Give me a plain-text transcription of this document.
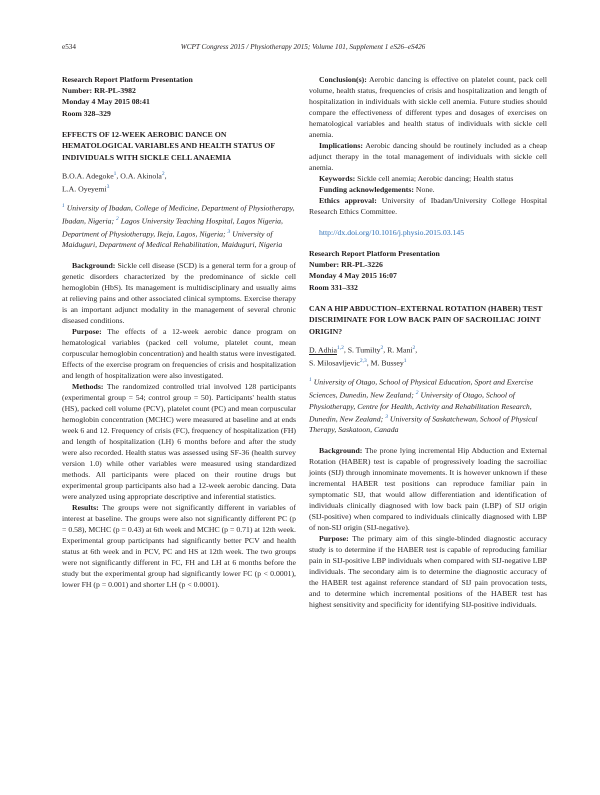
e534	WCPT Congress 2015 / Physiotherapy 2015; Volume 101, Supplement 1 eS26–eS426
Research Report Platform Presentation
Number: RR-PL-3982
Monday 4 May 2015 08:41
Room 328–329
EFFECTS OF 12-WEEK AEROBIC DANCE ON HEMATOLOGICAL VARIABLES AND HEALTH STATUS OF INDIVIDUALS WITH SICKLE CELL ANAEMIA
B.O.A. Adegoke$^1$, O.A. Akinola$^2$,
L.A. Oyeyemi$^3$
$^1$ University of Ibadan, College of Medicine, Department of Physiotherapy, Ibadan, Nigeria; $^2$ Lagos University Teaching Hospital, Lagos Nigeria, Department of Physiotherapy, Ikeja, Lagos, Nigeria; $^3$ University of Maiduguri, Department of Medical Rehabilitation, Maiduguri, Nigeria

Background: Sickle cell disease (SCD) is a general term for a group of genetic disorders characterized by the predominance of sickle cell hemoglobin (HbS). Its management is multidisciplinary and usually aims at relieving pains and other associated clinical symptoms. Exercise therapy is an important adjunct modality in the management of several chronic diseased conditions.

Purpose: The effects of a 12-week aerobic dance program on hematological variables (packed cell volume, platelet count, mean corpuscular hemoglobin concentration) and health status were investigated. Effects of the exercise program on frequencies of crisis and hospitalization and length of hospitalization were also investigated.

Methods: The randomized controlled trial involved 128 participants (experimental group = 54; control group = 50). Participants' health status (HS), packed cell volume (PCV), platelet count (PC) and mean corpuscular hemoglobin concentration (MCHC) were measured at baseline and at ends week 6 and 12. Frequency of crisis (FC), frequency of hospitalization (FH) and length of hospitalization (LH) 6 months before and after the study were also recorded. Health status was assessed using SF-36 (health survey version 1.0) while other variables were measured using standardized methods. All participants were placed on their routine drugs but experimental group participants also had a 12-week aerobic dancing. Data were analyzed using appropriate descriptive and inferential statistics.

Results: The groups were not significantly different in variables of interest at baseline. The groups were also not significantly different PC (p = 0.58), MCHC (p = 0.43) at 6th week and MCHC (p = 0.71) at 12th week. Experimental group participants had significantly better PCV and health status at 6th week and in PCV, PC and HS at 12th week. The two groups were not significantly different in FC, FH and LH at 6 months before the study but the experimental group had significantly lower FC (p < 0.0001), lower FH (p = 0.001) and shorter LH (p < 0.0001).

Conclusion(s): Aerobic dancing is effective on platelet count, pack cell volume, health status, frequencies of crisis and hospitalization and length of hospitalization in individuals with sickle cell anemia. Future studies should compare the effectiveness of different types and dosages of exercises on hematological variables and health status of individuals with sickle cell anemia.

Implications: Aerobic dancing should be routinely included as a cheap adjunct therapy in the total management of individuals with sickle cell anemia.

Keywords: Sickle cell anemia; Aerobic dancing; Health status

Funding acknowledgements: None.

Ethics approval: University of Ibadan/University College Hospital Research Ethics Committee.

http://dx.doi.org/10.1016/j.physio.2015.03.145

Research Report Platform Presentation
Number: RR-PL-3226
Monday 4 May 2015 16:07
Room 331–332
CAN A HIP ABDUCTION–EXTERNAL ROTATION (HABER) TEST DISCRIMINATE FOR LOW BACK PAIN OF SACROILIAC JOINT ORIGIN?
D. Adhia$^{1,2}$, S. Tumilty$^2$, R. Mani$^2$,
S. Milosavljevic$^{2,3}$, M. Bussey$^1$
$^1$ University of Otago, School of Physical Education, Sport and Exercise Sciences, Dunedin, New Zealand; $^2$ University of Otago, School of Physiotherapy, Centre for Health, Activity and Rehabilitation Research, Dunedin, New Zealand; $^3$ University of Saskatchewan, School of Physical Therapy, Saskatoon, Canada

Background: The prone lying incremental Hip Abduction and External Rotation (HABER) test is capable of progressively loading the sacroiliac joints (SIJ) through innominate movements. It is however unknown if these incremental HABER test positions can reproduce familiar pain in symptomatic SIJ, that would allow differentiation and identification of individuals clinically diagnosed with low back pain (LBP) of SIJ origin (SIJ-positive) when compared to individuals clinically diagnosed with LBP of non-SIJ origin (SIJ-negative).

Purpose: The primary aim of this single-blinded diagnostic accuracy study is to determine if the HABER test is capable of reproducing familiar pain in SIJ-positive LBP individuals when compared with SIJ-negative LBP individuals. The secondary aim is to determine the diagnostic accuracy of the HABER test against reference standard of SIJ pain provocation tests, and to determine which incremental positions of the HABER test has highest sensitivity and specificity for identifying SIJ-positive individuals.
